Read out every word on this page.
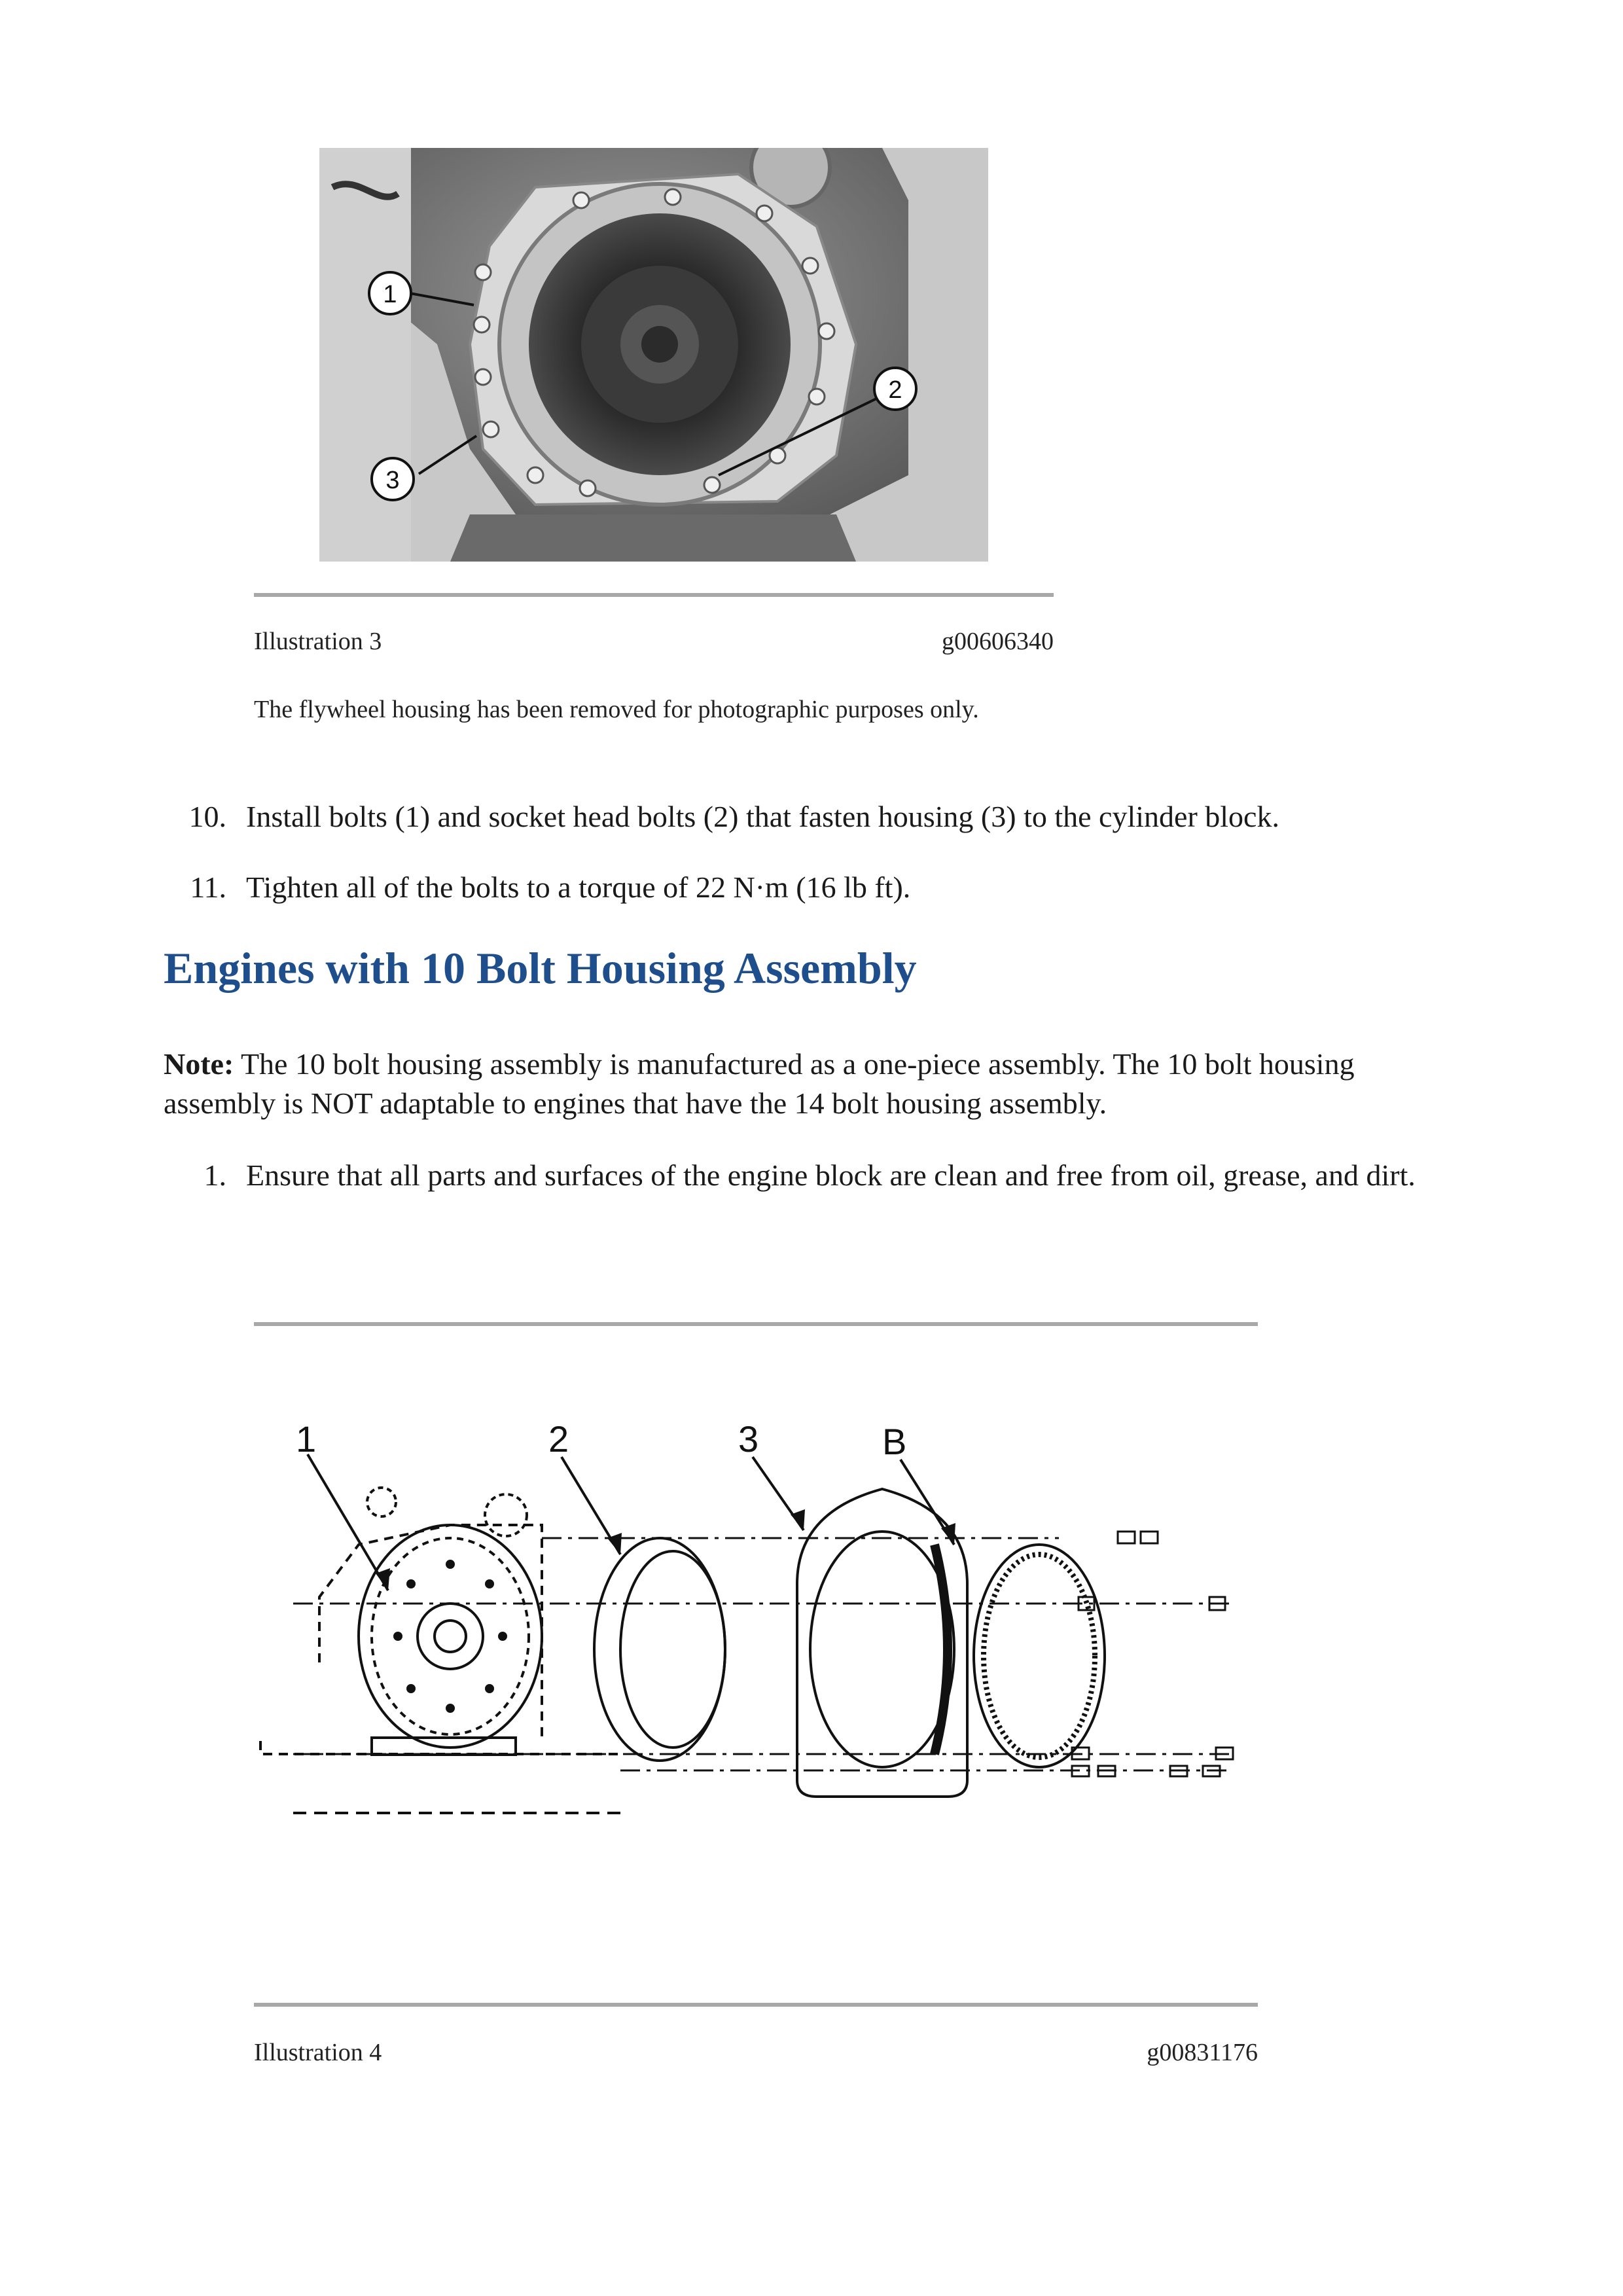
1
2
3
Illustration 3	g00606340
The flywheel housing has been removed for photographic purposes only.
10. Install bolts (1) and socket head bolts (2) that fasten housing (3) to the cylinder block.
11. Tighten all of the bolts to a torque of 22 N·m (16 lb ft).
Engines with 10 Bolt Housing Assembly
Note: The 10 bolt housing assembly is manufactured as a one-piece assembly. The 10 bolt housing assembly is NOT adaptable to engines that have the 14 bolt housing assembly.
1. Ensure that all parts and surfaces of the engine block are clean and free from oil, grease, and dirt.
1	2	3	B
Illustration 4	g00831176
